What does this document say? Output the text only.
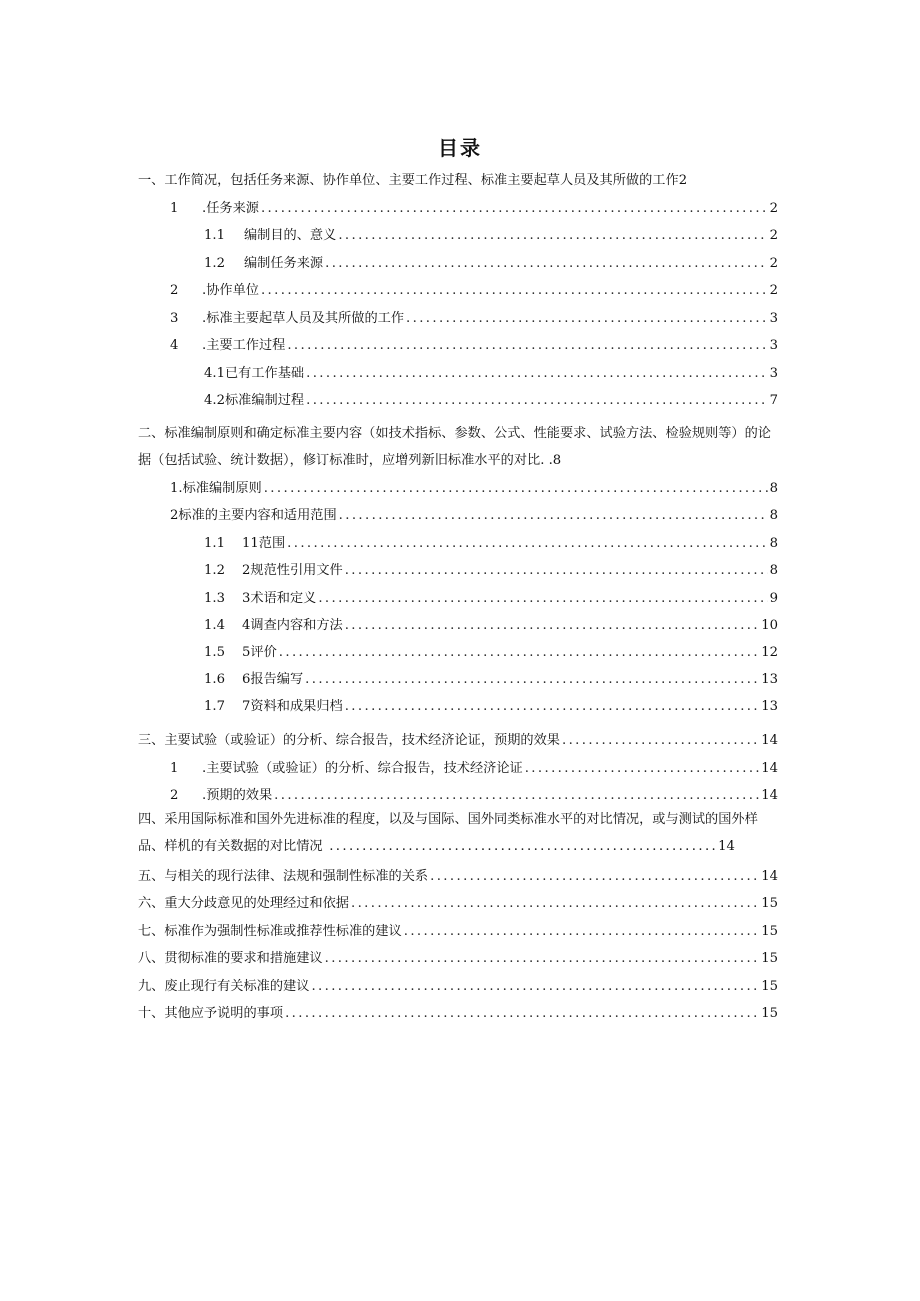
目录
一、工作简况，包括任务来源、协作单位、主要工作过程、标准主要起草人员及其所做的工作 2
1	.任务来源 .....	2
1.1	编制目的、意义 .....	2
1.2	编制任务来源 .....	2
2	.协作单位 .....	2
3	.标准主要起草人员及其所做的工作 .....	3
4	.主要工作过程 .....	3
4.1已有工作基础 .....	3
4.2标准编制过程 .....	7
二、标准编制原则和确定标准主要内容（如技术指标、参数、公式、性能要求、试验方法、检验规则等）的论据（包括试验、统计数据），修订标准时，应增列新旧标准水平的对比. .8
1.标准编制原则 .....	8
2标准的主要内容和适用范围 .....	8
1.1	11范围 .....	8
1.2	2规范性引用文件 .....	8
1.3	3术语和定义 .....	9
1.4	4调查内容和方法 .....	10
1.5	5评价 .....	12
1.6	6报告编写 .....	13
1.7	7资料和成果归档 .....	13
三、主要试验（或验证）的分析、综合报告，技术经济论证，预期的效果 .....	14
1	.主要试验（或验证）的分析、综合报告，技术经济论证 .....	14
2	.预期的效果 .....	14
四、采用国际标准和国外先进标准的程度，以及与国际、国外同类标准水平的对比情况，或与测试的国外样品、样机的有关数据的对比情况 ...........................................................14
五、与相关的现行法律、法规和强制性标准的关系 .....	14
六、重大分歧意见的处理经过和依据 .....	15
七、标准作为强制性标准或推荐性标准的建议 .....	15
八、贯彻标准的要求和措施建议 .....	15
九、废止现行有关标准的建议 .....	15
十、其他应予说明的事项 .....	15
